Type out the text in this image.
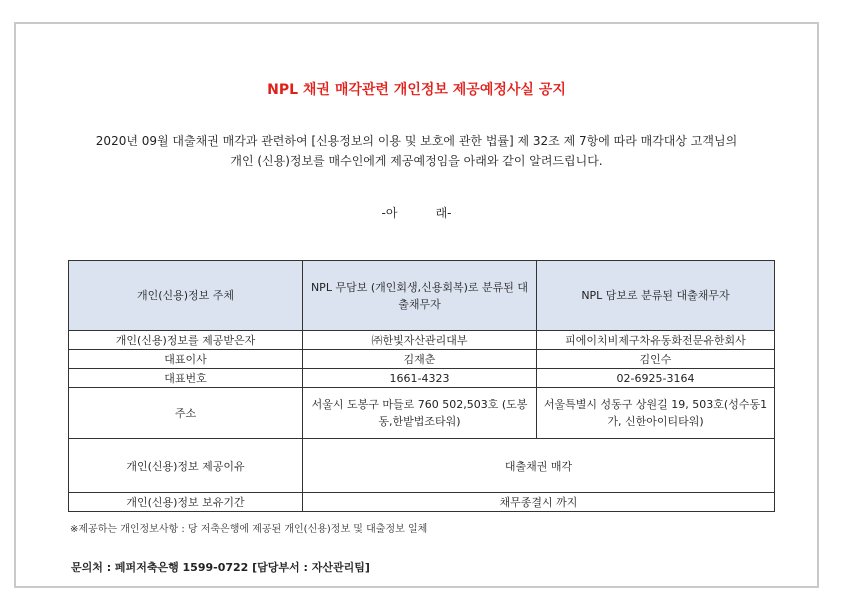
NPL 채권 매각관련 개인정보 제공예정사실 공지
2020년 09월 대출채권 매각과 관련하여 [신용정보의 이용 및 보호에 관한 법률] 제 32조 제 7항에 따라 매각대상 고객님의
개인 (신용)정보를 매수인에게 제공예정임을 아래와 같이 알려드립니다.
-아          래-
개인(신용)정보 주체	NPL 무담보 (개인회생,신용회복)로 분류된 대출채무자	NPL 담보로 분류된 대출채무자
개인(신용)정보를 제공받은자	㈜한빛자산관리대부	피에이치비제구차유동화전문유한회사
대표이사	김재춘	김인수
대표번호	1661-4323	02-6925-3164
주소	서울시 도봉구 마들로 760 502,503호 (도봉동,한밭법조타워)	서울특별시 성동구 상원길 19, 503호(성수동1가, 신한아이티타워)

개인(신용)정보 제공이유	대출채권 매각	
개인(신용)정보 보유기간	채무종결시 까지	
※제공하는 개인정보사항 : 당 저축은행에 제공된 개인(신용)정보 및 대출정보 일체
문의처 : 페퍼저축은행 1599-0722 [담당부서 : 자산관리팀]
